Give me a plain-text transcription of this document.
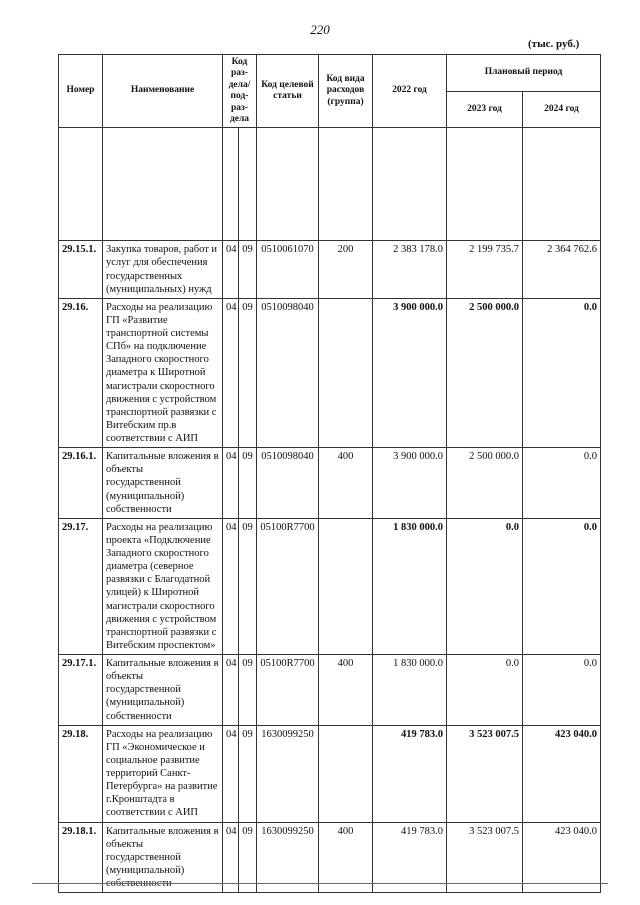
220
(тыс. руб.)
Номер	Наименование	Код раз-дела/ под-раз-дела		Код целевой статьи	Код вида расходов (группа)	2022 год	Плановый период	
							2023 год	2024 год

29.15.1.	Закупка товаров, работ и услуг для обеспечения государственных (муниципальных) нужд	04	09	0510061070	200	2 383 178.0	2 199 735.7	2 364 762.6
29.16.	Расходы на реализацию ГП «Развитие транспортной системы СПб» на подключение Западного скоростного диаметра к Широтной магистрали скоростного движения с устройством транспортной развязки с Витебским пр.в соответствии с АИП	04	09	0510098040		3 900 000.0	2 500 000.0	0.0
29.16.1.	Капитальные вложения в объекты государственной (муниципальной) собственности	04	09	0510098040	400	3 900 000.0	2 500 000.0	0.0
29.17.	Расходы на реализацию проекта «Подключение Западного скоростного диаметра (северное развязки с Благодатной улицей) к Широтной магистрали скоростного движения с устройством транспортной развязки с Витебским проспектом»	04	09	05100R7700		1 830 000.0	0.0	0.0
29.17.1.	Капитальные вложения в объекты государственной (муниципальной) собственности	04	09	05100R7700	400	1 830 000.0	0.0	0.0
29.18.	Расходы на реализацию ГП «Экономическое и социальное развитие территорий Санкт-Петербурга» на развитие г.Кронштадта в соответствии с АИП	04	09	1630099250		419 783.0	3 523 007.5	423 040.0
29.18.1.	Капитальные вложения в объекты государственной (муниципальной) собственности	04	09	1630099250	400	419 783.0	3 523 007.5	423 040.0
